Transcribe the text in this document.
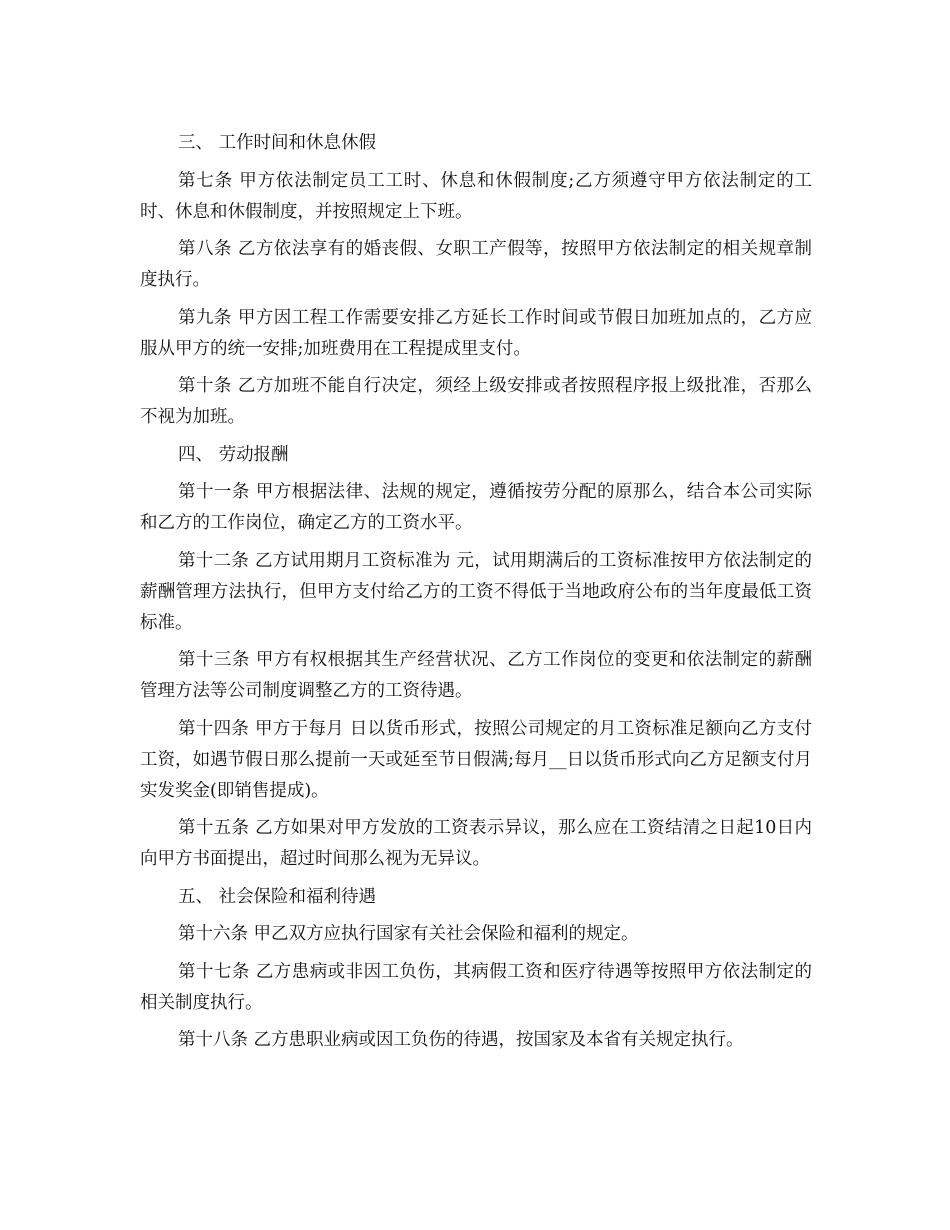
三、 工作时间和休息休假

第七条 甲方依法制定员工工时、休息和休假制度;乙方须遵守甲方依法制定的工时、休息和休假制度，并按照规定上下班。

第八条 乙方依法享有的婚丧假、女职工产假等，按照甲方依法制定的相关规章制度执行。

第九条 甲方因工程工作需要安排乙方延长工作时间或节假日加班加点的，乙方应服从甲方的统一安排;加班费用在工程提成里支付。

第十条 乙方加班不能自行决定，须经上级安排或者按照程序报上级批准，否那么不视为加班。

四、 劳动报酬

第十一条 甲方根据法律、法规的规定，遵循按劳分配的原那么，结合本公司实际和乙方的工作岗位，确定乙方的工资水平。

第十二条 乙方试用期月工资标准为 元，试用期满后的工资标准按甲方依法制定的薪酬管理方法执行，但甲方支付给乙方的工资不得低于当地政府公布的当年度最低工资标准。

第十三条 甲方有权根据其生产经营状况、乙方工作岗位的变更和依法制定的薪酬管理方法等公司制度调整乙方的工资待遇。

第十四条 甲方于每月 日以货币形式，按照公司规定的月工资标准足额向乙方支付工资，如遇节假日那么提前一天或延至节日假满;每月__日以货币形式向乙方足额支付月实发奖金(即销售提成)。

第十五条 乙方如果对甲方发放的工资表示异议，那么应在工资结清之日起10日内向甲方书面提出，超过时间那么视为无异议。

五、 社会保险和福利待遇

第十六条 甲乙双方应执行国家有关社会保险和福利的规定。

第十七条 乙方患病或非因工负伤，其病假工资和医疗待遇等按照甲方依法制定的相关制度执行。

第十八条 乙方患职业病或因工负伤的待遇，按国家及本省有关规定执行。
